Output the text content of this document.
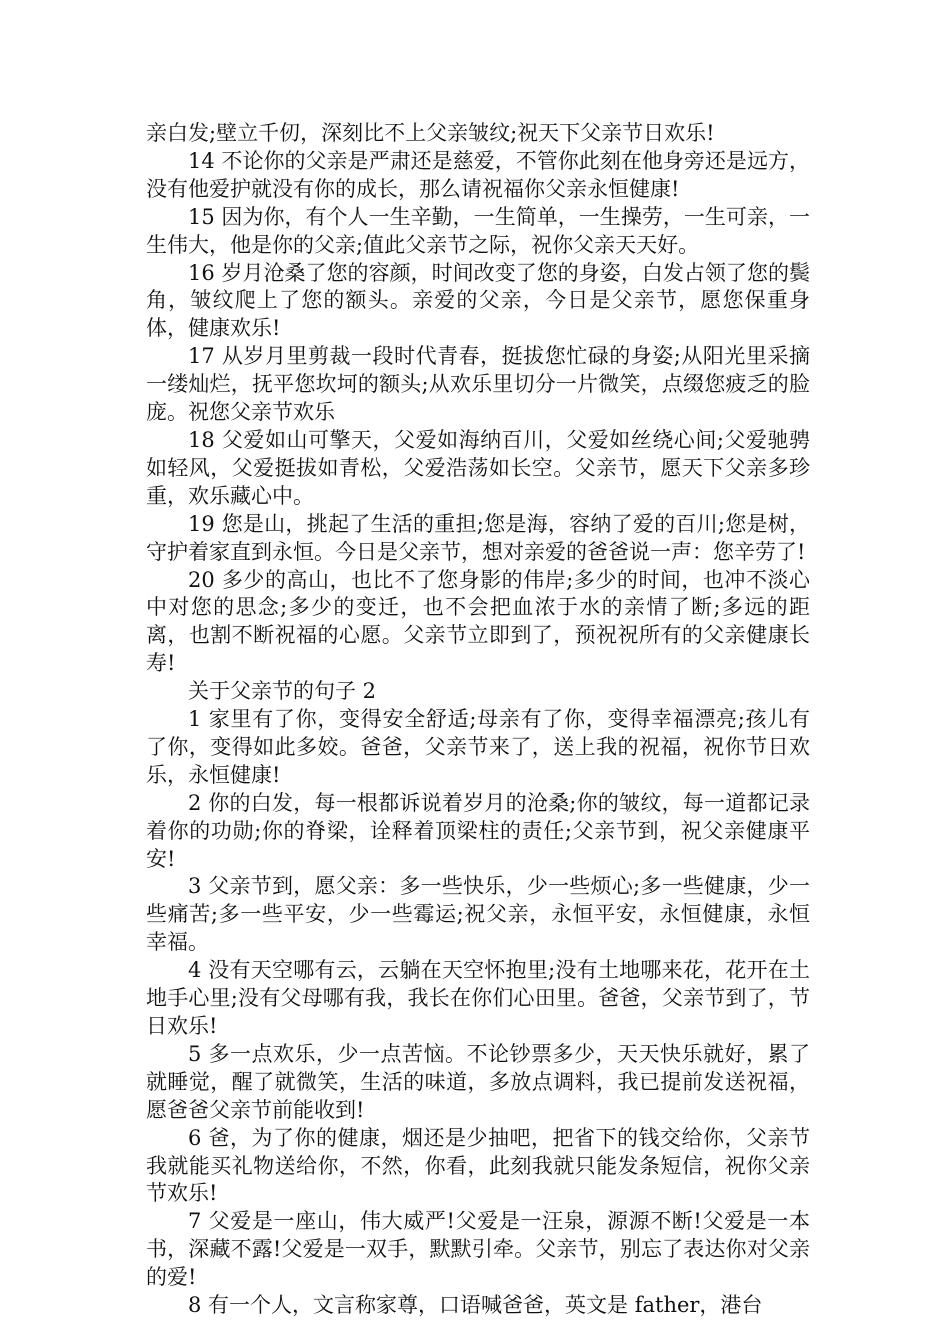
亲白发;壁立千仞，深刻比不上父亲皱纹;祝天下父亲节日欢乐!

14 不论你的父亲是严肃还是慈爱，不管你此刻在他身旁还是远方，没有他爱护就没有你的成长，那么请祝福你父亲永恒健康!

15 因为你，有个人一生辛勤，一生简单，一生操劳，一生可亲，一生伟大，他是你的父亲;值此父亲节之际，祝你父亲天天好。

16 岁月沧桑了您的容颜，时间改变了您的身姿，白发占领了您的鬓角，皱纹爬上了您的额头。亲爱的父亲，今日是父亲节，愿您保重身体，健康欢乐!

17 从岁月里剪裁一段时代青春，挺拔您忙碌的身姿;从阳光里采摘一缕灿烂，抚平您坎坷的额头;从欢乐里切分一片微笑，点缀您疲乏的脸庞。祝您父亲节欢乐

18 父爱如山可擎天，父爱如海纳百川，父爱如丝绕心间;父爱驰骋如轻风，父爱挺拔如青松，父爱浩荡如长空。父亲节，愿天下父亲多珍重，欢乐藏心中。

19 您是山，挑起了生活的重担;您是海，容纳了爱的百川;您是树，守护着家直到永恒。今日是父亲节，想对亲爱的爸爸说一声：您辛劳了!

20 多少的高山，也比不了您身影的伟岸;多少的时间，也冲不淡心中对您的思念;多少的变迁，也不会把血浓于水的亲情了断;多远的距离，也割不断祝福的心愿。父亲节立即到了，预祝祝所有的父亲健康长寿!

关于父亲节的句子 2

1 家里有了你，变得安全舒适;母亲有了你，变得幸福漂亮;孩儿有了你，变得如此多姣。爸爸，父亲节来了，送上我的祝福，祝你节日欢乐，永恒健康!

2 你的白发，每一根都诉说着岁月的沧桑;你的皱纹，每一道都记录着你的功勋;你的脊梁，诠释着顶梁柱的责任;父亲节到，祝父亲健康平安!

3 父亲节到，愿父亲：多一些快乐，少一些烦心;多一些健康，少一些痛苦;多一些平安，少一些霉运;祝父亲，永恒平安，永恒健康，永恒幸福。

4 没有天空哪有云，云躺在天空怀抱里;没有土地哪来花，花开在土地手心里;没有父母哪有我，我长在你们心田里。爸爸，父亲节到了，节日欢乐!

5 多一点欢乐，少一点苦恼。不论钞票多少，天天快乐就好，累了就睡觉，醒了就微笑，生活的味道，多放点调料，我已提前发送祝福，愿爸爸父亲节前能收到!

6 爸，为了你的健康，烟还是少抽吧，把省下的钱交给你，父亲节我就能买礼物送给你，不然，你看，此刻我就只能发条短信，祝你父亲节欢乐!

7 父爱是一座山，伟大威严!父爱是一汪泉，源源不断!父爱是一本书，深藏不露!父爱是一双手，默默引牵。父亲节，别忘了表达你对父亲的爱!

8 有一个人，文言称家尊，口语喊爸爸，英文是 father，港台
